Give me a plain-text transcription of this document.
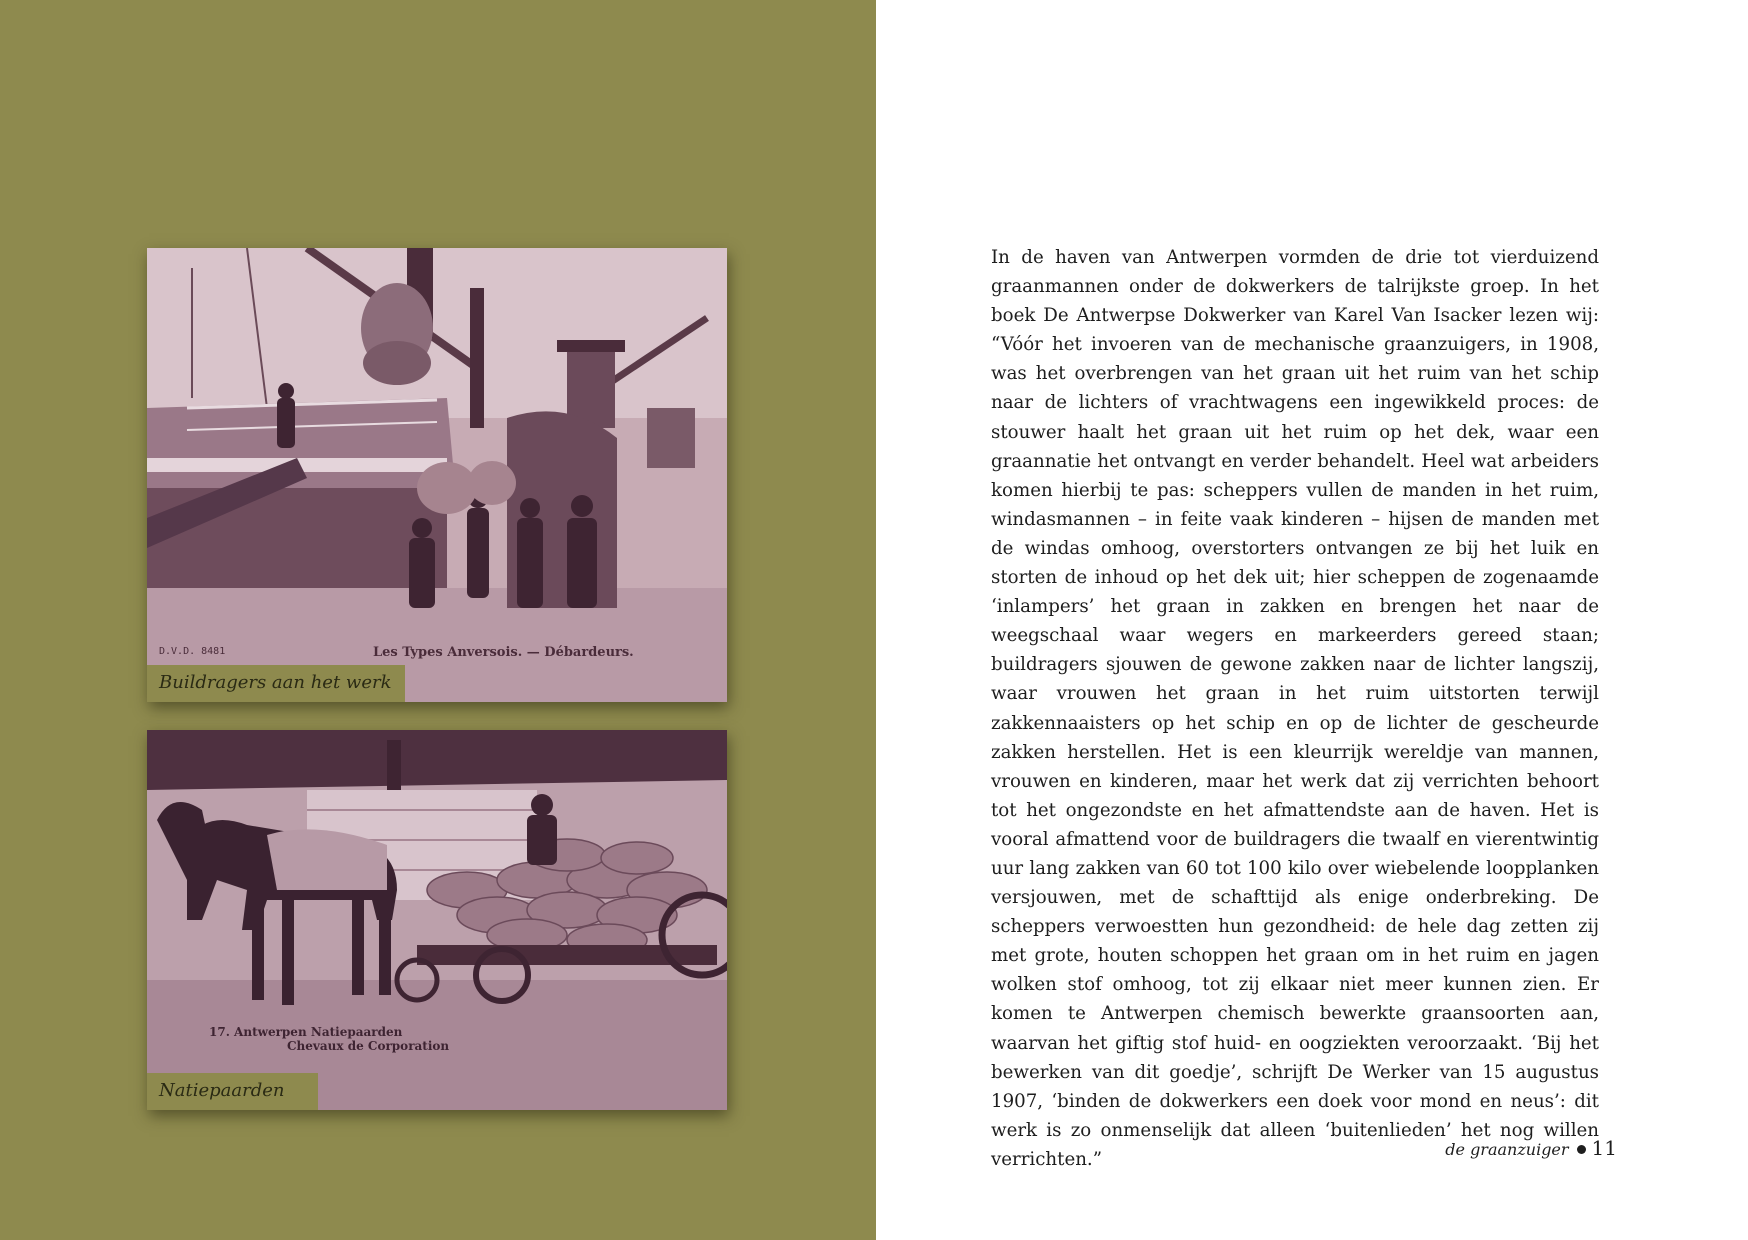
D.V.D. 8481	Les Types Anversois. — Débardeurs.
Buildragers aan het werk
17. Antwerpen Natiepaarden
Chevaux de Corporation
Natiepaarden

In de haven van Antwerpen vormden de drie tot vierduizend graanmannen onder de dokwerkers de talrijkste groep. In het boek De Antwerpse Dokwerker van Karel Van Isacker lezen wij: “Vóór het invoeren van de mechanische graanzuigers, in 1908, was het overbrengen van het graan uit het ruim van het schip naar de lichters of vrachtwagens een ingewikkeld proces: de stouwer haalt het graan uit het ruim op het dek, waar een graannatie het ontvangt en verder behandelt. Heel wat arbeiders komen hierbij te pas: scheppers vullen de manden in het ruim, windasmannen – in feite vaak kinderen – hijsen de manden met de windas omhoog, overstorters ontvangen ze bij het luik en storten de inhoud op het dek uit; hier scheppen de zogenaamde ‘inlampers’ het graan in zakken en brengen het naar de weegschaal waar wegers en markeerders gereed staan; buildragers sjouwen de gewone zakken naar de lichter langszij, waar vrouwen het graan in het ruim uitstorten terwijl zakkennaaisters op het schip en op de lichter de gescheurde zakken herstellen. Het is een kleurrijk wereldje van mannen, vrouwen en kinderen, maar het werk dat zij verrichten behoort tot het ongezondste en het afmattendste aan de haven. Het is vooral afmattend voor de buildragers die twaalf en vierentwintig uur lang zakken van 60 tot 100 kilo over wiebelende loopplanken versjouwen, met de schafttijd als enige onderbreking. De scheppers verwoestten hun gezondheid: de hele dag zetten zij met grote, houten schoppen het graan om in het ruim en jagen wolken stof omhoog, tot zij elkaar niet meer kunnen zien. Er komen te Antwerpen chemisch bewerkte graansoorten aan, waarvan het giftig stof huid- en oogziekten veroorzaakt. ‘Bij het bewerken van dit goedje’, schrijft De Werker van 15 augustus 1907, ‘binden de dokwerkers een doek voor mond en neus’: dit werk is zo onmenselijk dat alleen ‘buitenlieden’ het nog willen verrichten.”	de graanzuiger 11
